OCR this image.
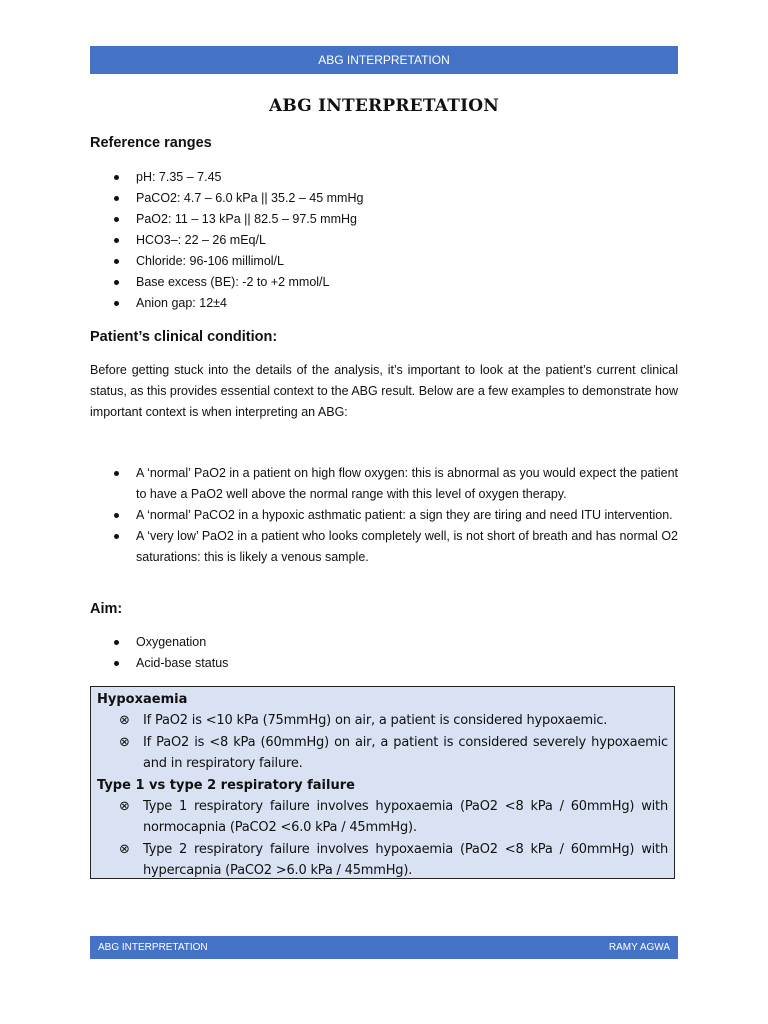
ABG INTERPRETATION
ABG INTERPRETATION
Reference ranges
pH: 7.35 – 7.45
PaCO2: 4.7 – 6.0 kPa || 35.2 – 45 mmHg
PaO2: 11 – 13 kPa || 82.5 – 97.5 mmHg
HCO3–: 22 – 26 mEq/L
Chloride: 96-106 millimol/L
Base excess (BE): -2 to +2 mmol/L
Anion gap: 12±4
Patient’s clinical condition:
Before getting stuck into the details of the analysis, it’s important to look at the patient’s current clinical status, as this provides essential context to the ABG result. Below are a few examples to demonstrate how important context is when interpreting an ABG:
A ‘normal’ PaO2 in a patient on high flow oxygen: this is abnormal as you would expect the patient to have a PaO2 well above the normal range with this level of oxygen therapy.
A ‘normal’ PaCO2 in a hypoxic asthmatic patient: a sign they are tiring and need ITU intervention.
A ‘very low’ PaO2 in a patient who looks completely well, is not short of breath and has normal O2 saturations: this is likely a venous sample.
Aim:
Oxygenation
Acid-base status
Hypoxaemia
⊗ If PaO2 is <10 kPa (75mmHg) on air, a patient is considered hypoxaemic.
⊗ If PaO2 is <8 kPa (60mmHg) on air, a patient is considered severely hypoxaemic and in respiratory failure.
Type 1 vs type 2 respiratory failure
⊗ Type 1 respiratory failure involves hypoxaemia (PaO2 <8 kPa / 60mmHg) with normocapnia (PaCO2 <6.0 kPa / 45mmHg).
⊗ Type 2 respiratory failure involves hypoxaemia (PaO2 <8 kPa / 60mmHg) with hypercapnia (PaCO2 >6.0 kPa / 45mmHg).
ABG INTERPRETATION	RAMY AGWA
